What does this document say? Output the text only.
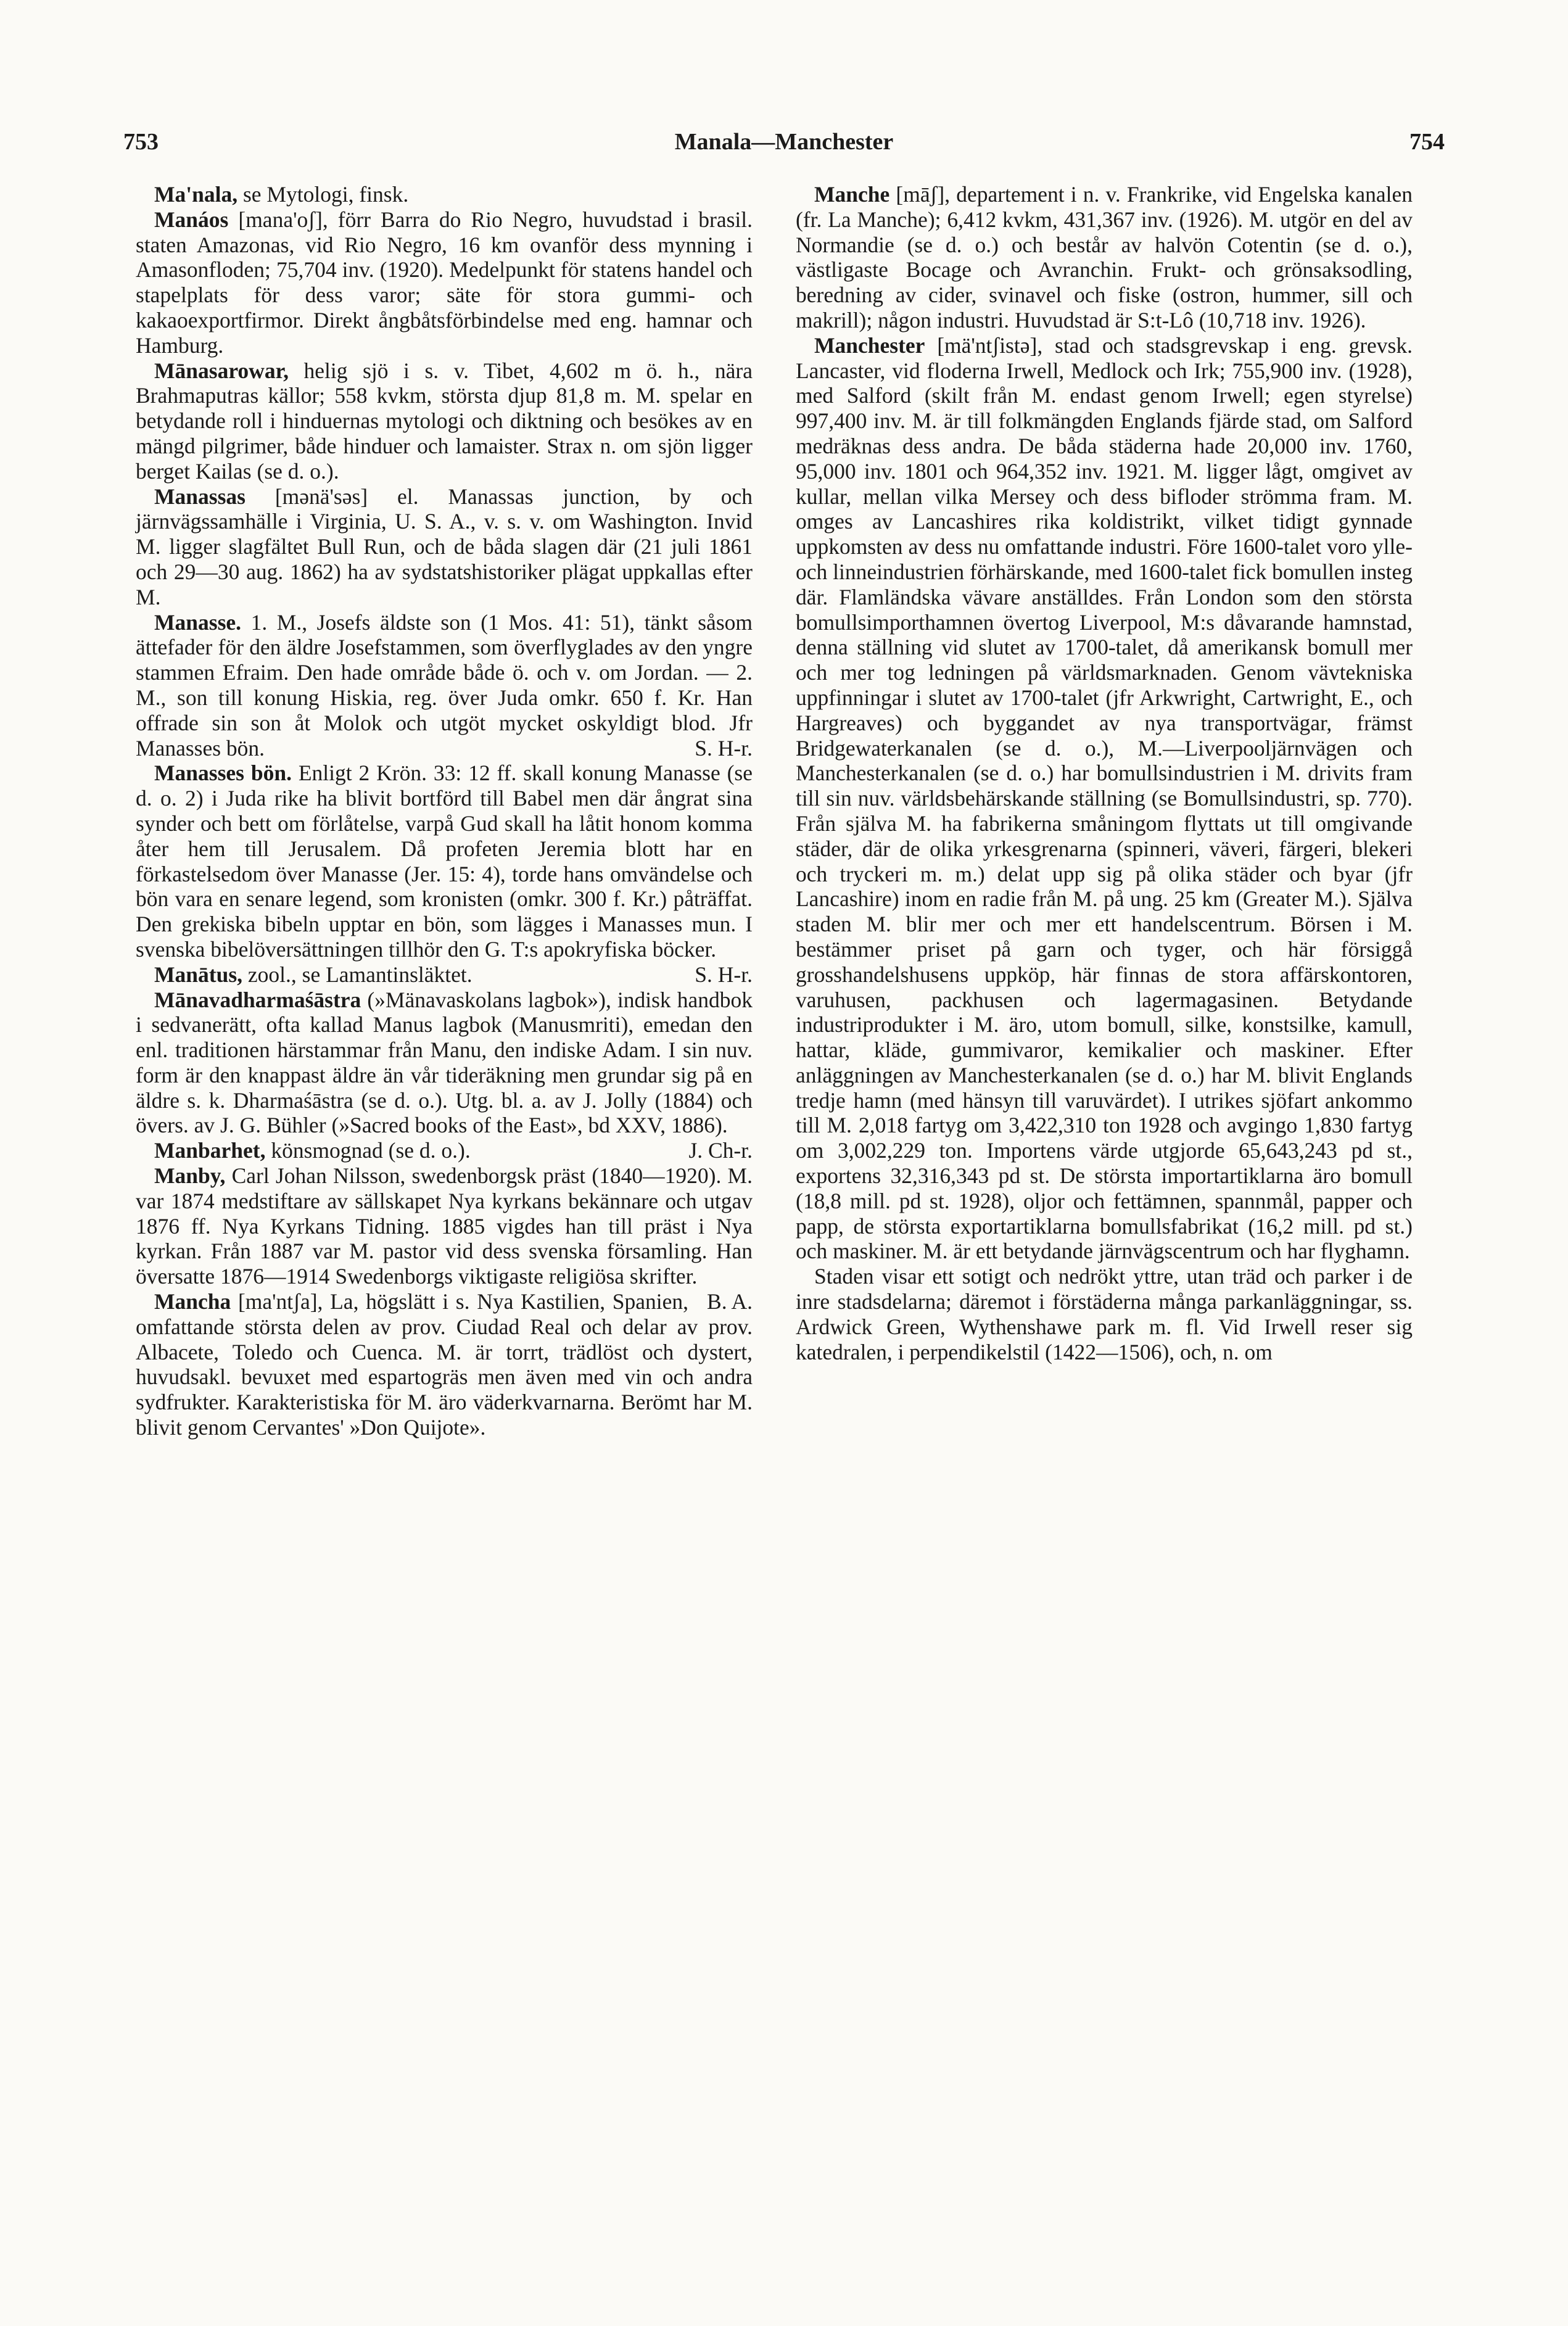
753	Manala—Manchester	754

Ma'nala, se Mytologi, finsk.

Manáos [mana'oʃ], förr Barra do Rio Negro, huvudstad i brasil. staten Amazonas, vid Rio Negro, 16 km ovanför dess mynning i Amasonfloden; 75,704 inv. (1920). Medelpunkt för statens handel och stapelplats för dess varor; säte för stora gummi- och kakaoexportfirmor. Direkt ångbåtsförbindelse med eng. hamnar och Hamburg.

Mānasarowar, helig sjö i s. v. Tibet, 4,602 m ö. h., nära Brahmaputras källor; 558 kvkm, största djup 81,8 m. M. spelar en betydande roll i hinduernas mytologi och diktning och besökes av en mängd pilgrimer, både hinduer och lamaister. Strax n. om sjön ligger berget Kailas (se d. o.).

Manassas [mənä'səs] el. Manassas junction, by och järnvägssamhälle i Virginia, U. S. A., v. s. v. om Washington. Invid M. ligger slagfältet Bull Run, och de båda slagen där (21 juli 1861 och 29—30 aug. 1862) ha av sydstatshistoriker plägat uppkallas efter M.

Manasse. 1. M., Josefs äldste son (1 Mos. 41: 51), tänkt såsom ättefader för den äldre Josefstammen, som överflyglades av den yngre stammen Efraim. Den hade område både ö. och v. om Jordan. — 2. M., son till konung Hiskia, reg. över Juda omkr. 650 f. Kr. Han offrade sin son åt Molok och utgöt mycket oskyldigt blod. Jfr Manasses bön.	S. H-r.

Manasses bön. Enligt 2 Krön. 33: 12 ff. skall konung Manasse (se d. o. 2) i Juda rike ha blivit bortförd till Babel men där ångrat sina synder och bett om förlåtelse, varpå Gud skall ha låtit honom komma åter hem till Jerusalem. Då profeten Jeremia blott har en förkastelsedom över Manasse (Jer. 15: 4), torde hans omvändelse och bön vara en senare legend, som kronisten (omkr. 300 f. Kr.) påträffat. Den grekiska bibeln upptar en bön, som lägges i Manasses mun. I svenska bibelöversättningen tillhör den G. T:s apokryfiska böcker.
S. H-r.

Manātus, zool., se Lamantinsläktet.

Mānavadharmaśāstra (»Mänavaskolans lagbok»), indisk handbok i sedvanerätt, ofta kallad Manus lagbok (Manusmriti), emedan den enl. traditionen härstammar från Manu, den indiske Adam. I sin nuv. form är den knappast äldre än vår tideräkning men grundar sig på en äldre s. k. Dharmaśāstra (se d. o.). Utg. bl. a. av J. Jolly (1884) och övers. av J. G. Bühler (»Sacred books of the East», bd XXV, 1886).
J. Ch-r.

Manbarhet, könsmognad (se d. o.).

Manby, Carl Johan Nilsson, swedenborgsk präst (1840—1920). M. var 1874 medstiftare av sällskapet Nya kyrkans bekännare och utgav 1876 ff. Nya Kyrkans Tidning. 1885 vigdes han till präst i Nya kyrkan. Från 1887 var M. pastor vid dess svenska församling. Han översatte 1876—1914 Swedenborgs viktigaste religiösa skrifter.
B. A.

Mancha [ma'ntʃa], La, högslätt i s. Nya Kastilien, Spanien, omfattande största delen av prov. Ciudad Real och delar av prov. Albacete, Toledo och Cuenca. M. är torrt, trädlöst och dystert, huvudsakl. bevuxet med espartogräs men även med vin och andra sydfrukter. Karakteristiska för M. äro väderkvarnarna. Berömt har M. blivit genom Cervantes' »Don Quijote».

Manche [māʃ], departement i n. v. Frankrike, vid Engelska kanalen (fr. La Manche); 6,412 kvkm, 431,367 inv. (1926). M. utgör en del av Normandie (se d. o.) och består av halvön Cotentin (se d. o.), västligaste Bocage och Avranchin. Frukt- och grönsaksodling, beredning av cider, svinavel och fiske (ostron, hummer, sill och makrill); någon industri. Huvudstad är S:t-Lô (10,718 inv. 1926).

Manchester [mä'ntʃistə], stad och stadsgrevskap i eng. grevsk. Lancaster, vid floderna Irwell, Medlock och Irk; 755,900 inv. (1928), med Salford (skilt från M. endast genom Irwell; egen styrelse) 997,400 inv. M. är till folkmängden Englands fjärde stad, om Salford medräknas dess andra. De båda städerna hade 20,000 inv. 1760, 95,000 inv. 1801 och 964,352 inv. 1921. M. ligger lågt, omgivet av kullar, mellan vilka Mersey och dess bifloder strömma fram. M. omges av Lancashires rika koldistrikt, vilket tidigt gynnade uppkomsten av dess nu omfattande industri. Före 1600-talet voro ylle- och linneindustrien förhärskande, med 1600-talet fick bomullen insteg där. Flamländska vävare anställdes. Från London som den största bomullsimporthamnen övertog Liverpool, M:s dåvarande hamnstad, denna ställning vid slutet av 1700-talet, då amerikansk bomull mer och mer tog ledningen på världsmarknaden. Genom vävtekniska uppfinningar i slutet av 1700-talet (jfr Arkwright, Cartwright, E., och Hargreaves) och byggandet av nya transportvägar, främst Bridgewaterkanalen (se d. o.), M.—Liverpooljärnvägen och Manchesterkanalen (se d. o.) har bomullsindustrien i M. drivits fram till sin nuv. världsbehärskande ställning (se Bomullsindustri, sp. 770). Från själva M. ha fabrikerna småningom flyttats ut till omgivande städer, där de olika yrkesgrenarna (spinneri, väveri, färgeri, blekeri och tryckeri m. m.) delat upp sig på olika städer och byar (jfr Lancashire) inom en radie från M. på ung. 25 km (Greater M.). Själva staden M. blir mer och mer ett handelscentrum. Börsen i M. bestämmer priset på garn och tyger, och här försiggå grosshandelshusens uppköp, här finnas de stora affärskontoren, varuhusen, packhusen och lagermagasinen. Betydande industriprodukter i M. äro, utom bomull, silke, konstsilke, kamull, hattar, kläde, gummivaror, kemikalier och maskiner. Efter anläggningen av Manchesterkanalen (se d. o.) har M. blivit Englands tredje hamn (med hänsyn till varuvärdet). I utrikes sjöfart ankommo till M. 2,018 fartyg om 3,422,310 ton 1928 och avgingo 1,830 fartyg om 3,002,229 ton. Importens värde utgjorde 65,643,243 pd st., exportens 32,316,343 pd st. De största importartiklarna äro bomull (18,8 mill. pd st. 1928), oljor och fettämnen, spannmål, papper och papp, de största exportartiklarna bomullsfabrikat (16,2 mill. pd st.) och maskiner. M. är ett betydande järnvägscentrum och har flyghamn.

Staden visar ett sotigt och nedrökt yttre, utan träd och parker i de inre stadsdelarna; däremot i förstäderna många parkanläggningar, ss. Ardwick Green, Wythenshawe park m. fl. Vid Irwell reser sig katedralen, i perpendikelstil (1422—1506), och, n. om
